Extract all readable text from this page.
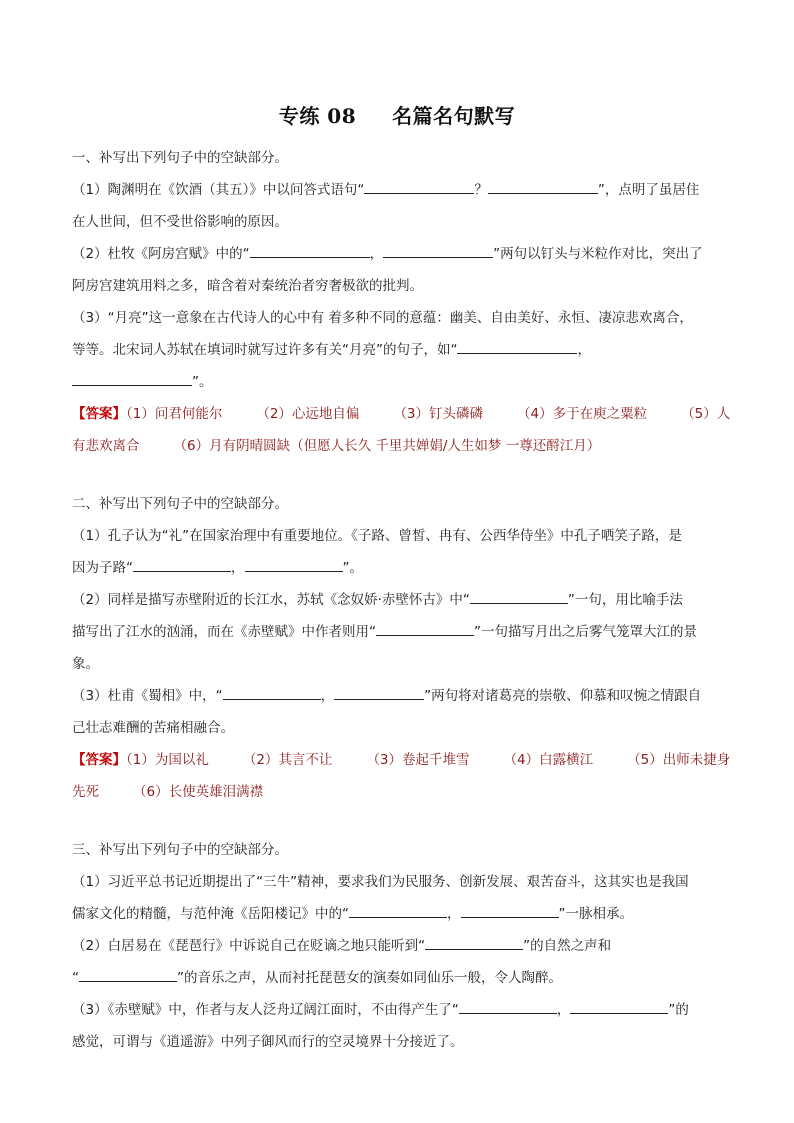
专练 08 名篇名句默写
一、补写出下列句子中的空缺部分。
（1）陶渊明在《饮酒（其五）》中以问答式语句“	？	”，点明了虽居住
在人世间，但不受世俗影响的原因。
（2）杜牧《阿房宫赋》中的“	，	”两句以钉头与米粒作对比，突出了
阿房宫建筑用料之多，暗含着对秦统治者穷奢极欲的批判。
（3）“月亮”这一意象在古代诗人的心中有 着多种不同的意蕴：幽美、自由美好、永恒、凄凉悲欢离合，
等等。北宋词人苏轼在填词时就写过许多有关“月亮”的句子，如“	，
”。
【答案】（1）问君何能尔	（2）心远地自偏	（3）钉头磷磷	（4）多于在庾之粟粒	（5）人
有悲欢离合	（6）月有阴晴圆缺（但愿人长久 千里共婵娟/人生如梦 一尊还酹江月）
二、补写出下列句子中的空缺部分。
（1）孔子认为“礼”在国家治理中有重要地位。《子路、曾皙、冉有、公西华侍坐》中孔子哂笑子路，是
因为子路“	，	”。
（2）同样是描写赤壁附近的长江水，苏轼《念奴娇·赤壁怀古》中“	”一句，用比喻手法
描写出了江水的汹涌，而在《赤壁赋》中作者则用“	”一句描写月出之后雾气笼罩大江的景
象。
（3）杜甫《蜀相》中，“	，	”两句将对诸葛亮的崇敬、仰慕和叹惋之情跟自
己壮志难酬的苦痛相融合。
【答案】（1）为国以礼	（2）其言不让	（3）卷起千堆雪	（4）白露横江	（5）出师未捷身
先死	（6）长使英雄泪满襟
三、补写出下列句子中的空缺部分。
（1）习近平总书记近期提出了“三牛”精神，要求我们为民服务、创新发展、艰苦奋斗，这其实也是我国
儒家文化的精髓，与范仲淹《岳阳楼记》中的“	，	”一脉相承。
（2）白居易在《琵琶行》中诉说自己在贬谪之地只能听到“	”的自然之声和
“	”的音乐之声，从而衬托琵琶女的演奏如同仙乐一般，令人陶醉。
（3）《赤壁赋》中，作者与友人泛舟辽阔江面时，不由得产生了“	，	”的
感觉，可谓与《逍遥游》中列子御风而行的空灵境界十分接近了。
